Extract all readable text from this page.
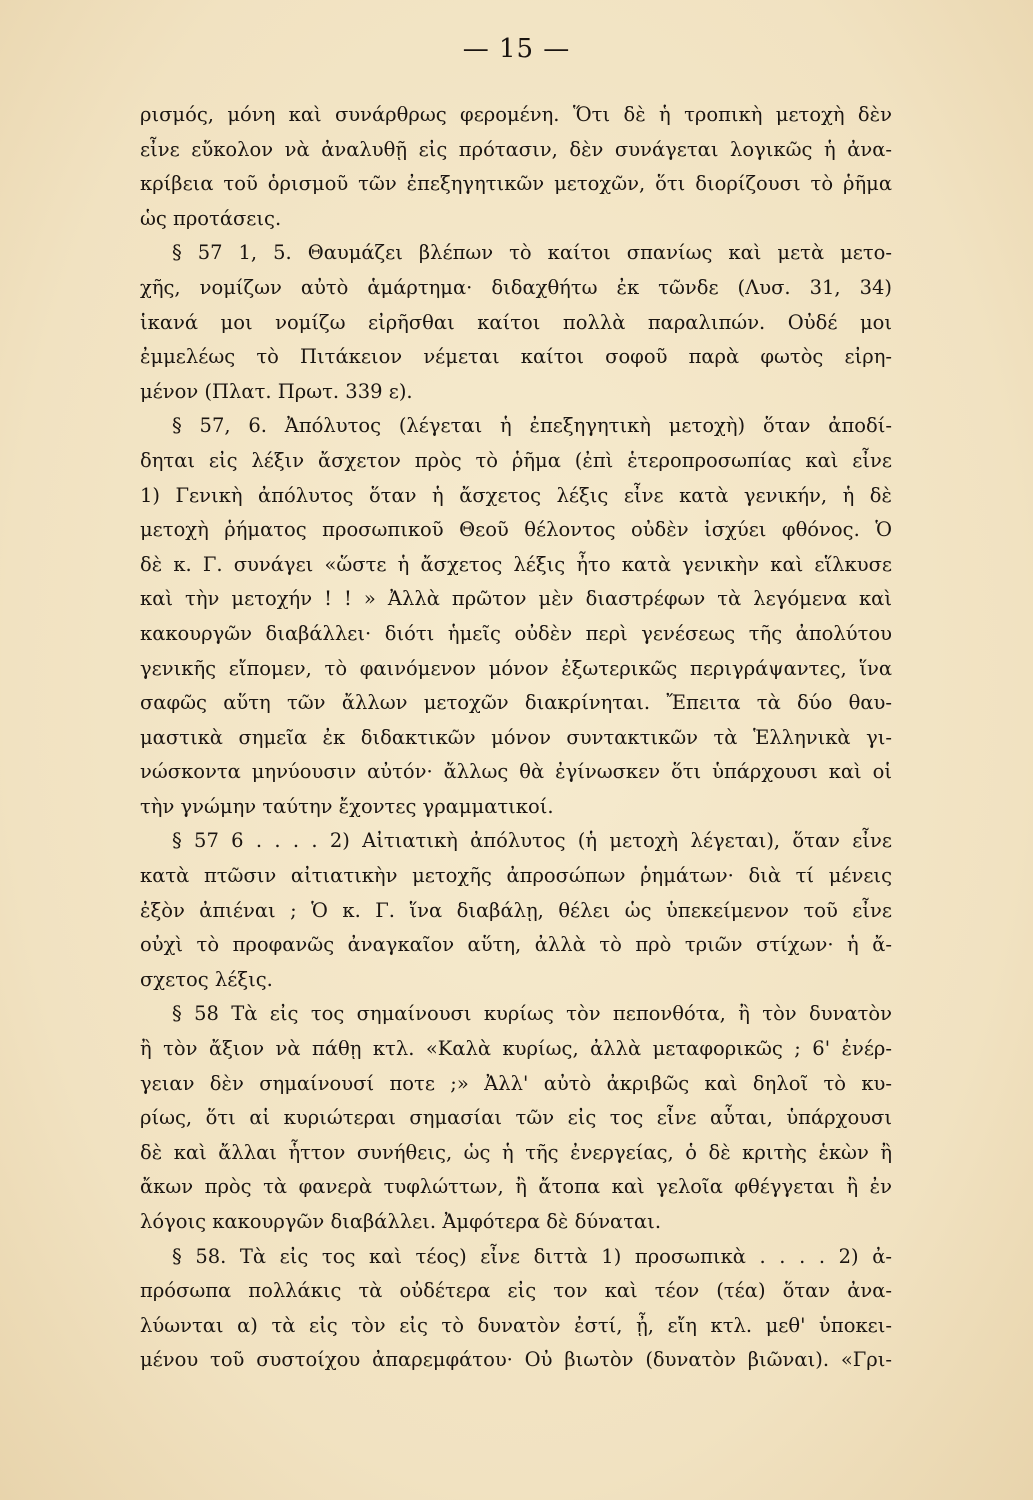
— 15 —
ρισμός, μόνη καὶ συνάρθρως φερομένη. Ὅτι δὲ ἡ τροπικὴ μετοχὴ δὲν
εἶνε εὔκολον νὰ ἀναλυθῇ εἰς πρότασιν, δὲν συνάγεται λογικῶς ἡ ἀνα-
κρίβεια τοῦ ὁρισμοῦ τῶν ἐπεξηγητικῶν μετοχῶν, ὅτι διορίζουσι τὸ ῥῆμα
ὡς προτάσεις.
§ 57 1, 5. Θαυμάζει βλέπων τὸ καίτοι σπανίως καὶ μετὰ μετο-
χῆς, νομίζων αὐτὸ ἁμάρτημα· διδαχθήτω ἐκ τῶνδε (Λυσ. 31, 34)
ἱκανά μοι νομίζω εἰρῆσθαι καίτοι πολλὰ παραλιπών. Οὐδέ μοι
ἐμμελέως τὸ Πιτάκειον νέμεται καίτοι σοφοῦ παρὰ φωτὸς εἰρη-
μένον (Πλατ. Πρωτ. 339 ε).
§ 57, 6. Ἀπόλυτος (λέγεται ἡ ἐπεξηγητικὴ μετοχὴ) ὅταν ἀποδί-
δηται εἰς λέξιν ἄσχετον πρὸς τὸ ῥῆμα (ἐπὶ ἑτεροπροσωπίας καὶ εἶνε
1) Γενικὴ ἀπόλυτος ὅταν ἡ ἄσχετος λέξις εἶνε κατὰ γενικήν, ἡ δὲ
μετοχὴ ῥήματος προσωπικοῦ Θεοῦ θέλοντος οὐδὲν ἰσχύει φθόνος. Ὁ
δὲ κ. Γ. συνάγει «ὥστε ἡ ἄσχετος λέξις ἦτο κατὰ γενικὴν καὶ εἵλκυσε
καὶ τὴν μετοχήν ! ! » Ἀλλὰ πρῶτον μὲν διαστρέφων τὰ λεγόμενα καὶ
κακουργῶν διαβάλλει· διότι ἡμεῖς οὐδὲν περὶ γενέσεως τῆς ἀπολύτου
γενικῆς εἴπομεν, τὸ φαινόμενον μόνον ἐξωτερικῶς περιγράψαντες, ἵνα
σαφῶς αὕτη τῶν ἄλλων μετοχῶν διακρίνηται. Ἔπειτα τὰ δύο θαυ-
μαστικὰ σημεῖα ἐκ διδακτικῶν μόνον συντακτικῶν τὰ Ἑλληνικὰ γι-
νώσκοντα μηνύουσιν αὐτόν· ἄλλως θὰ ἐγίνωσκεν ὅτι ὑπάρχουσι καὶ οἱ
τὴν γνώμην ταύτην ἔχοντες γραμματικοί.
§ 57 6 . . . . 2) Αἰτιατικὴ ἀπόλυτος (ἡ μετοχὴ λέγεται), ὅταν εἶνε
κατὰ πτῶσιν αἰτιατικὴν μετοχῆς ἀπροσώπων ῥημάτων· διὰ τί μένεις
ἐξὸν ἀπιέναι ; Ὁ κ. Γ. ἵνα διαβάλῃ, θέλει ὡς ὑπεκείμενον τοῦ εἶνε
οὐχὶ τὸ προφανῶς ἀναγκαῖον αὕτη, ἀλλὰ τὸ πρὸ τριῶν στίχων· ἡ ἄ-
σχετος λέξις.
§ 58 Τὰ εἰς τος σημαίνουσι κυρίως τὸν πεπονθότα, ἢ τὸν δυνατὸν
ἢ τὸν ἄξιον νὰ πάθῃ κτλ. «Καλὰ κυρίως, ἀλλὰ μεταφορικῶς ; 6' ἐνέρ-
γειαν δὲν σημαίνουσί ποτε ;» Ἀλλ' αὐτὸ ἀκριβῶς καὶ δηλοῖ τὸ κυ-
ρίως, ὅτι αἱ κυριώτεραι σημασίαι τῶν εἰς τος εἶνε αὗται, ὑπάρχουσι
δὲ καὶ ἄλλαι ἧττον συνήθεις, ὡς ἡ τῆς ἐνεργείας, ὁ δὲ κριτὴς ἑκὼν ἢ
ἄκων πρὸς τὰ φανερὰ τυφλώττων, ἢ ἄτοπα καὶ γελοῖα φθέγγεται ἢ ἐν
λόγοις κακουργῶν διαβάλλει. Ἀμφότερα δὲ δύναται.
§ 58. Τὰ εἰς τος καὶ τέος) εἶνε διττὰ 1) προσωπικὰ . . . . 2) ἀ-
πρόσωπα πολλάκις τὰ οὐδέτερα εἰς τον καὶ τέον (τέα) ὅταν ἀνα-
λύωνται α) τὰ εἰς τὸν εἰς τὸ δυνατὸν ἐστί, ᾖ, εἴη κτλ. μεθ' ὑποκει-
μένου τοῦ συστοίχου ἀπαρεμφάτου· Οὐ βιωτὸν (δυνατὸν βιῶναι). «Γρι-
